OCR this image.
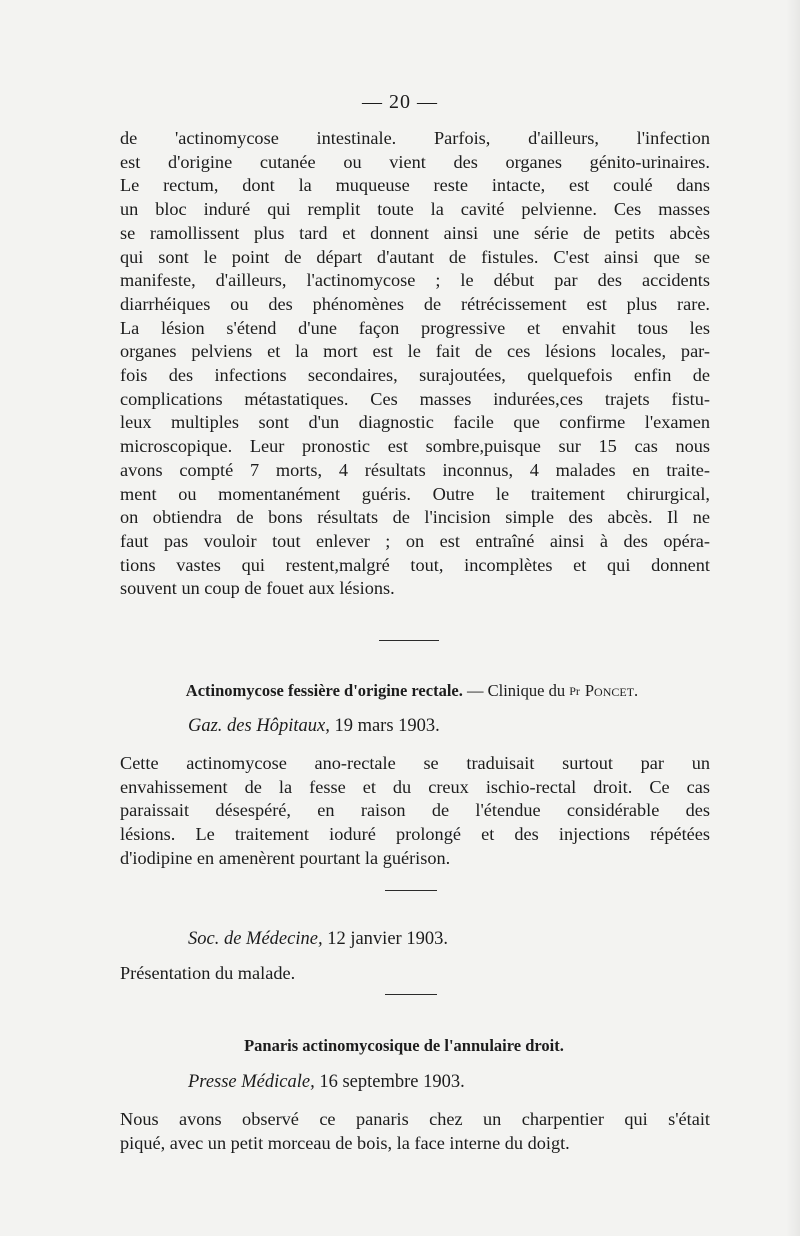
— 20 —
de 'actinomycose intestinale. Parfois, d'ailleurs, l'infection
est d'origine cutanée ou vient des organes génito-urinaires.
Le rectum, dont la muqueuse reste intacte, est coulé dans
un bloc induré qui remplit toute la cavité pelvienne. Ces masses
se ramollissent plus tard et donnent ainsi une série de petits abcès
qui sont le point de départ d'autant de fistules. C'est ainsi que se
manifeste, d'ailleurs, l'actinomycose ; le début par des accidents
diarrhéiques ou des phénomènes de rétrécissement est plus rare.
La lésion s'étend d'une façon progressive et envahit tous les
organes pelviens et la mort est le fait de ces lésions locales, par-
fois des infections secondaires, surajoutées, quelquefois enfin de
complications métastatiques. Ces masses indurées,ces trajets fistu-
leux multiples sont d'un diagnostic facile que confirme l'examen
microscopique. Leur pronostic est sombre,puisque sur 15 cas nous
avons compté 7 morts, 4 résultats inconnus, 4 malades en traite-
ment ou momentanément guéris. Outre le traitement chirurgical,
on obtiendra de bons résultats de l'incision simple des abcès. Il ne
faut pas vouloir tout enlever ; on est entraîné ainsi à des opéra-
tions vastes qui restent,malgré tout, incomplètes et qui donnent
souvent un coup de fouet aux lésions.
Actinomycose fessière d'origine rectale. — Clinique du Pr Poncet.
Gaz. des Hôpitaux, 19 mars 1903.
Cette actinomycose ano-rectale se traduisait surtout par un
envahissement de la fesse et du creux ischio-rectal droit. Ce cas
paraissait désespéré, en raison de l'étendue considérable des
lésions. Le traitement ioduré prolongé et des injections répétées
d'iodipine en amenèrent pourtant la guérison.
Soc. de Médecine, 12 janvier 1903.
Présentation du malade.
Panaris actinomycosique de l'annulaire droit.
Presse Médicale, 16 septembre 1903.
Nous avons observé ce panaris chez un charpentier qui s'était
piqué, avec un petit morceau de bois, la face interne du doigt.
